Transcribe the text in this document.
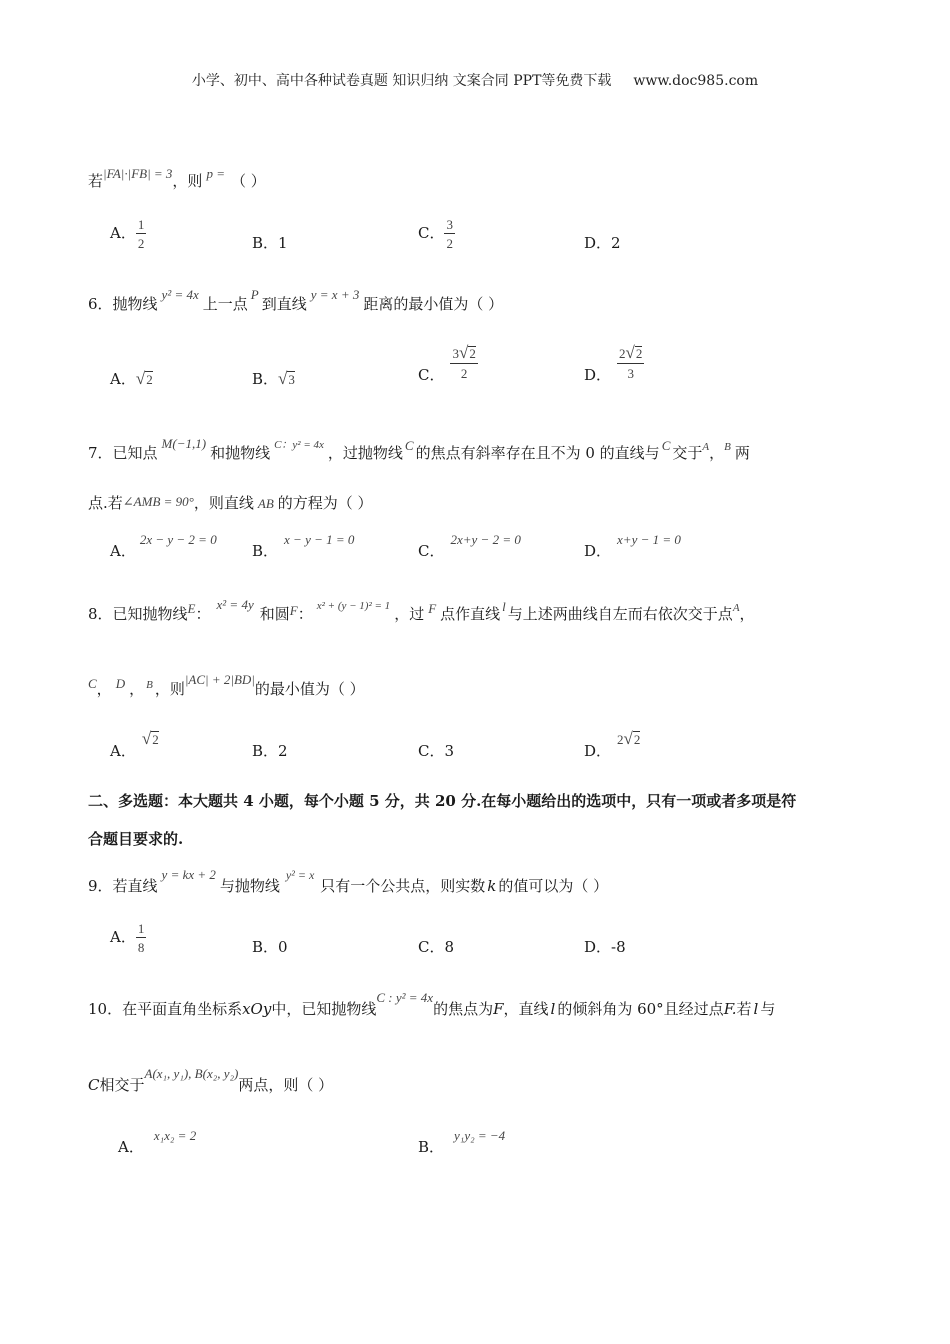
小学、初中、高中各种试卷真题 知识归纳 文案合同 PPT等免费下载 www.doc985.com
若|FA|·|FB| = 3，则 p = （ ）
A． $\frac{1}{2}$	B．1
C． $\frac{3}{2}$	D．2
6．抛物线y² = 4x上一点P到直线y = x + 3距离的最小值为（ ）
A．√2	B．√3	C． $\frac{3√2}{2}$	D． $\frac{2√2}{3}$
7．已知点M(−1,1)和抛物线 $^{C:y^2 = 4x}$ ，过抛物线 C 的焦点有斜率存在且不为 0 的直线与 C 交于$^A$，$^B$ 两
点.若∠AMB = 90°，则直线 AB 的方程为（ ）
A．2x − y − 2 = 0
B．x − y − 1 = 0
C．2x+y − 2 = 0
D．x+y − 1 = 0
8．已知抛物线E：x² = 4y和圆F： $^{x^2 + (y - 1)^2 = 1}$ ，过 F 点作直线 l 与上述两曲线自左而右依次交于点$^A$，
C， D ， $^B$ ，则|AC| + 2|BD|的最小值为（ ）
A．√2
B．2	C．3	D．2√2
二、多选题：本大题共 4 小题，每个小题 5 分，共 20 分.在每小题给出的选项中，只有一项或者多项是符
合题目要求的.
9．若直线y = kx + 2与抛物线$^{y^2 = x}$只有一个公共点，则实数 k 的值可以为（ ）
A． $\frac{1}{8}$	B．0	C．8	D．-8
10．在平面直角坐标系xOy中，已知抛物线C : y² = 4x的焦点为F，直线 l 的倾斜角为 60°且经过点F.若 l 与
C相交于A(x₁, y₁), B(x₂, y₂)两点，则（ ）
A．x₁x₂ = 2
B．y₁y₂ = −4
